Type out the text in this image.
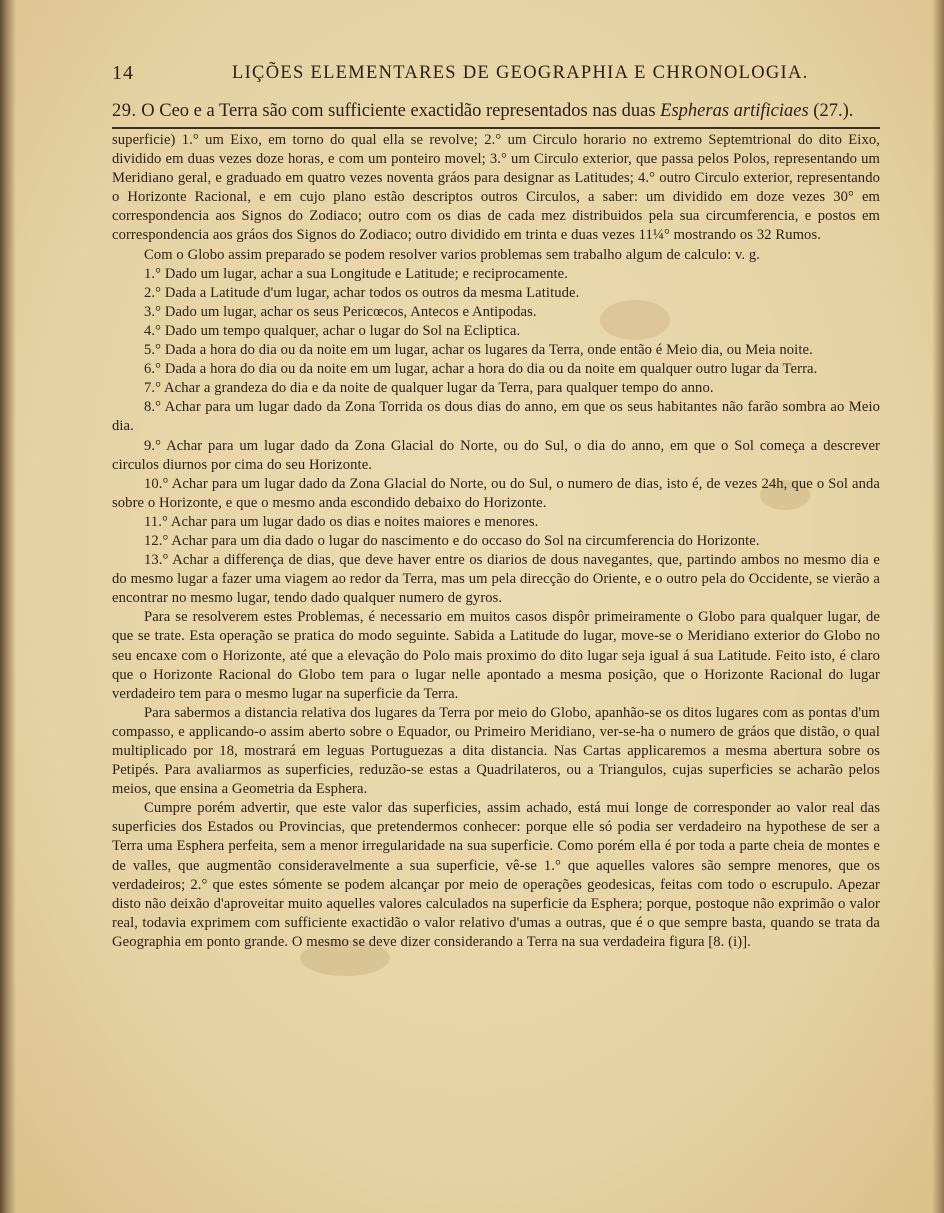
14	LIÇÕES ELEMENTARES DE GEOGRAPHIA E CHRONOLOGIA.
29. O Ceo e a Terra são com sufficiente exactidão representados nas duas Espheras artificiaes (27.).

superficie) 1.° um Eixo, em torno do qual ella se revolve; 2.° um Circulo horario no extremo Septemtrional do dito Eixo, dividido em duas vezes doze horas, e com um ponteiro movel; 3.° um Circulo exterior, que passa pelos Polos, representando um Meridiano geral, e graduado em quatro vezes noventa gráos para designar as Latitudes; 4.° outro Circulo exterior, representando o Horizonte Racional, e em cujo plano estão descriptos outros Circulos, a saber: um dividido em doze vezes 30° em correspondencia aos Signos do Zodiaco; outro com os dias de cada mez distribuidos pela sua circumferencia, e postos em correspondencia aos gráos dos Signos do Zodiaco; outro dividido em trinta e duas vezes 11¼° mostrando os 32 Rumos.

Com o Globo assim preparado se podem resolver varios problemas sem trabalho algum de calculo: v. g.

1.° Dado um lugar, achar a sua Longitude e Latitude; e reciprocamente.

2.° Dada a Latitude d'um lugar, achar todos os outros da mesma Latitude.

3.° Dado um lugar, achar os seus Pericœcos, Antecos e Antipodas.

4.° Dado um tempo qualquer, achar o lugar do Sol na Ecliptica.

5.° Dada a hora do dia ou da noite em um lugar, achar os lugares da Terra, onde então é Meio dia, ou Meia noite.

6.° Dada a hora do dia ou da noite em um lugar, achar a hora do dia ou da noite em qualquer outro lugar da Terra.

7.° Achar a grandeza do dia e da noite de qualquer lugar da Terra, para qualquer tempo do anno.

8.° Achar para um lugar dado da Zona Torrida os dous dias do anno, em que os seus habitantes não farão sombra ao Meio dia.

9.° Achar para um lugar dado da Zona Glacial do Norte, ou do Sul, o dia do anno, em que o Sol começa a descrever circulos diurnos por cima do seu Horizonte.

10.° Achar para um lugar dado da Zona Glacial do Norte, ou do Sul, o numero de dias, isto é, de vezes 24h, que o Sol anda sobre o Horizonte, e que o mesmo anda escondido debaixo do Horizonte.

11.° Achar para um lugar dado os dias e noites maiores e menores.

12.° Achar para um dia dado o lugar do nascimento e do occaso do Sol na circumferencia do Horizonte.

13.° Achar a differença de dias, que deve haver entre os diarios de dous navegantes, que, partindo ambos no mesmo dia e do mesmo lugar a fazer uma viagem ao redor da Terra, mas um pela direcção do Oriente, e o outro pela do Occidente, se vierão a encontrar no mesmo lugar, tendo dado qualquer numero de gyros.

Para se resolverem estes Problemas, é necessario em muitos casos dispôr primeiramente o Globo para qualquer lugar, de que se trate. Esta operação se pratica do modo seguinte. Sabida a Latitude do lugar, move-se o Meridiano exterior do Globo no seu encaxe com o Horizonte, até que a elevação do Polo mais proximo do dito lugar seja igual á sua Latitude. Feito isto, é claro que o Horizonte Racional do Globo tem para o lugar nelle apontado a mesma posição, que o Horizonte Racional do lugar verdadeiro tem para o mesmo lugar na superficie da Terra.

Para sabermos a distancia relativa dos lugares da Terra por meio do Globo, apanhão-se os ditos lugares com as pontas d'um compasso, e applicando-o assim aberto sobre o Equador, ou Primeiro Meridiano, ver-se-ha o numero de gráos que distão, o qual multiplicado por 18, mostrará em leguas Portuguezas a dita distancia. Nas Cartas applicaremos a mesma abertura sobre os Petipés. Para avaliarmos as superficies, reduzão-se estas a Quadrilateros, ou a Triangulos, cujas superficies se acharão pelos meios, que ensina a Geometria da Esphera.

Cumpre porém advertir, que este valor das superficies, assim achado, está mui longe de corresponder ao valor real das superficies dos Estados ou Provincias, que pretendermos conhecer: porque elle só podia ser verdadeiro na hypothese de ser a Terra uma Esphera perfeita, sem a menor irregularidade na sua superficie. Como porém ella é por toda a parte cheia de montes e de valles, que augmentão consideravelmente a sua superficie, vê-se 1.° que aquelles valores são sempre menores, que os verdadeiros; 2.° que estes sómente se podem alcançar por meio de operações geodesicas, feitas com todo o escrupulo. Apezar disto não deixão d'aproveitar muito aquelles valores calculados na superficie da Esphera; porque, postoque não exprimão o valor real, todavia exprimem com sufficiente exactidão o valor relativo d'umas a outras, que é o que sempre basta, quando se trata da Geographia em ponto grande. O mesmo se deve dizer considerando a Terra na sua verdadeira figura [8. (i)].
